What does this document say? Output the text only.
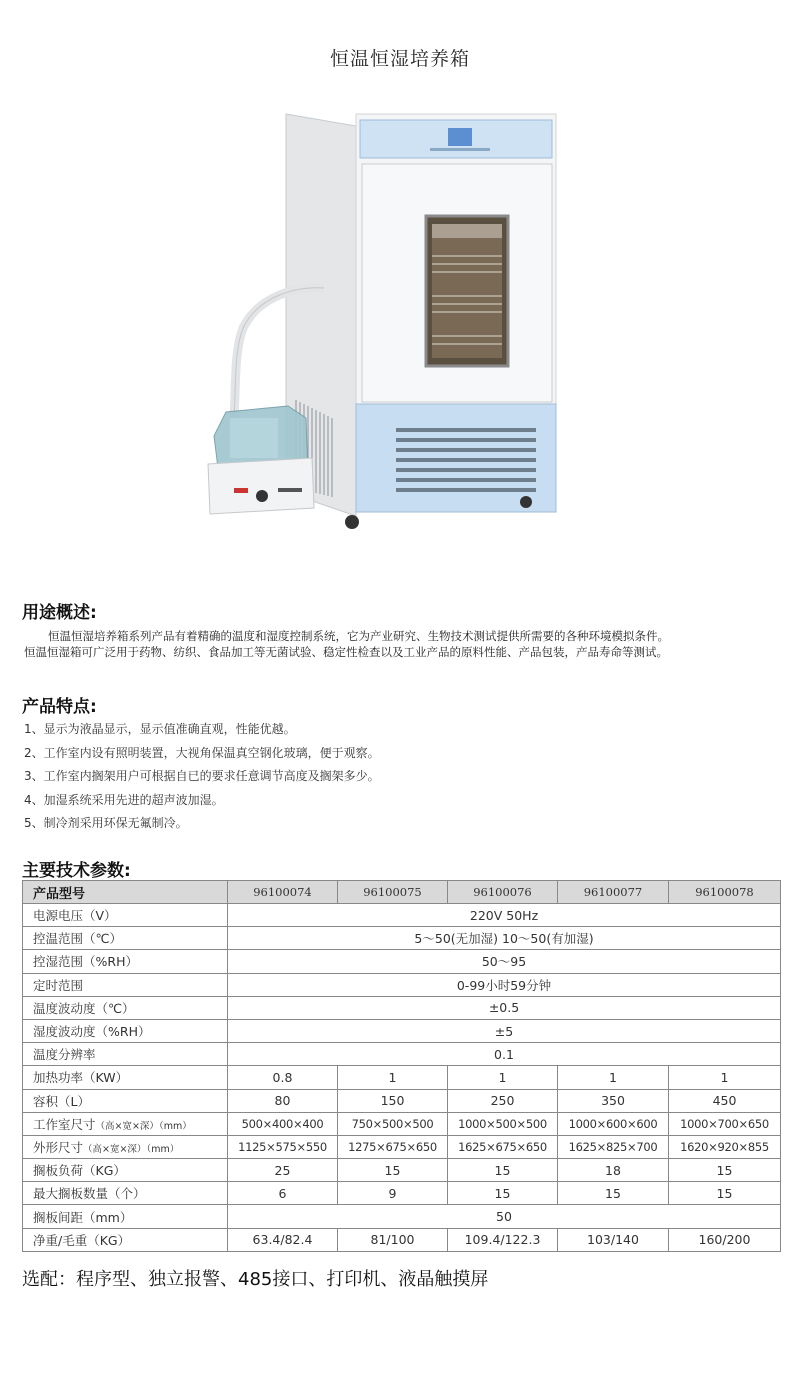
恒温恒湿培养箱
用途概述:

恒温恒湿培养箱系列产品有着精确的温度和湿度控制系统，它为产业研究、生物技术测试提供所需要的各种环境模拟条件。

恒温恒湿箱可广泛用于药物、纺织、食品加工等无菌试验、稳定性检查以及工业产品的原料性能、产品包装，产品寿命等测试。

产品特点:
1、显示为液晶显示，显示值准确直观，性能优越。
2、工作室内设有照明装置，大视角保温真空钢化玻璃，便于观察。
3、工作室内搁架用户可根据自已的要求任意调节高度及搁架多少。
4、加湿系统采用先进的超声波加湿。
5、制冷剂采用环保无氟制冷。
主要技术参数:
产品型号	96100074	96100075	96100076	96100077	96100078
电源电压（V）	220V 50Hz				
控温范围（℃）	5～50(无加湿) 10～50(有加湿)				
控湿范围（%RH）	50～95				
定时范围	0-99小时59分钟				
温度波动度（℃）	±0.5				
湿度波动度（%RH）	±5				
温度分辨率	0.1				
加热功率（KW）	0.8	1	1	1	1
容积（L）	80	150	250	350	450
工作室尺寸（高×宽×深）（mm）	500×400×400	750×500×500	1000×500×500	1000×600×600	1000×700×650
外形尺寸（高×宽×深）（mm）	1125×575×550	1275×675×650	1625×675×650	1625×825×700	1620×920×855
搁板负荷（KG）	25	15	15	18	15
最大搁板数量（个）	6	9	15	15	15
搁板间距（mm）	50				
净重/毛重（KG）	63.4/82.4	81/100	109.4/122.3	103/140	160/200
选配：程序型、独立报警、485接口、打印机、液晶触摸屏
